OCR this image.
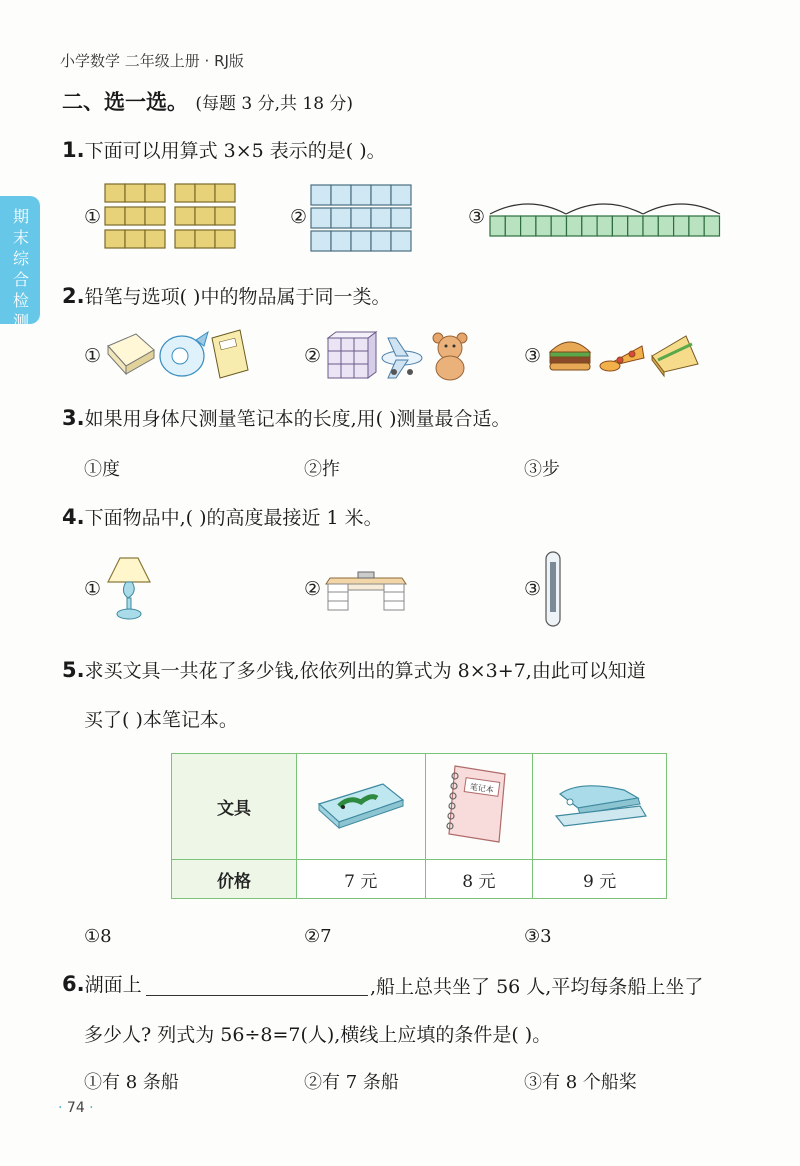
小学数学 二年级上册 · RJ版
二、选一选。 (每题 3 分,共 18 分)
期末综合检测
1.下面可以用算式 3×5 表示的是( )。
①	②	③
2.铅笔与选项( )中的物品属于同一类。
①	②	③
3.如果用身体尺测量笔记本的长度,用( )测量最合适。
①度	②拃	③步
4.下面物品中,( )的高度最接近 1 米。
①	②	③
5.求买文具一共花了多少钱,依依列出的算式为 8×3+7,由此可以知道
买了( )本笔记本。
文具		笔记本

价格	7 元	8 元	9 元
①8	②7	③3
6.湖面上	,船上总共坐了 56 人,平均每条船上坐了
多少人? 列式为 56÷8=7(人),横线上应填的条件是( )。
①有 8 条船	②有 7 条船	③有 8 个船桨
· 74 ·
